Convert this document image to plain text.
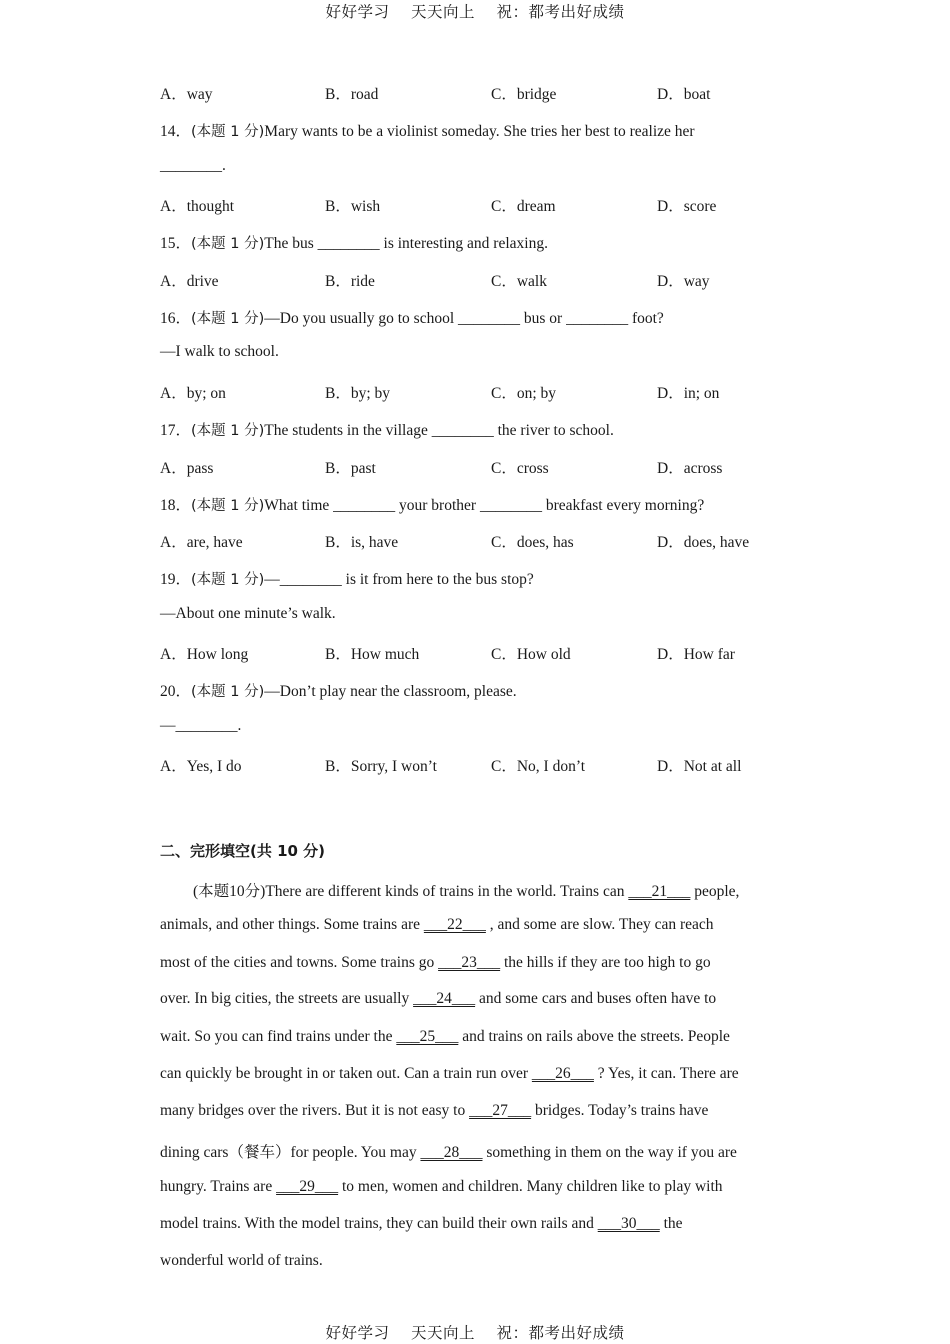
好好学习 天天向上 祝：都考出好成绩
A．way	B．road	C．bridge	D．boat
14．(本题 1 分)Mary wants to be a violinist someday. She tries her best to realize her
________.
A．thought	B．wish	C．dream	D．score
15．(本题 1 分)The bus ________ is interesting and relaxing.
A．drive	B．ride	C．walk	D．way
16．(本题 1 分)—Do you usually go to school ________ bus or ________ foot?
—I walk to school.
A．by; on	B．by; by	C．on; by	D．in; on
17．(本题 1 分)The students in the village ________ the river to school.
A．pass	B．past	C．cross	D．across
18．(本题 1 分)What time ________ your brother ________ breakfast every morning?
A．are, have	B．is, have	C．does, has	D．does, have
19．(本题 1 分)—________ is it from here to the bus stop?
—About one minute’s walk.
A．How long	B．How much	C．How old	D．How far
20．(本题 1 分)—Don’t play near the classroom, please.
—________.
A．Yes, I do	B．Sorry, I won’t	C．No, I don’t	D．Not at all
二、完形填空(共 10 分)
(本题10分)There are different kinds of trains in the world. Trains can ___21___ people,
animals, and other things. Some trains are ___22___ , and some are slow. They can reach
most of the cities and towns. Some trains go ___23___ the hills if they are too high to go
over. In big cities, the streets are usually ___24___ and some cars and buses often have to
wait. So you can find trains under the ___25___ and trains on rails above the streets. People
can quickly be brought in or taken out. Can a train run over ___26___ ? Yes, it can. There are
many bridges over the rivers. But it is not easy to ___27___ bridges. Today’s trains have
dining cars（餐车）for people. You may ___28___ something in them on the way if you are
hungry. Trains are ___29___ to men, women and children. Many children like to play with
model trains. With the model trains, they can build their own rails and ___30___ the
wonderful world of trains.
好好学习 天天向上 祝：都考出好成绩
